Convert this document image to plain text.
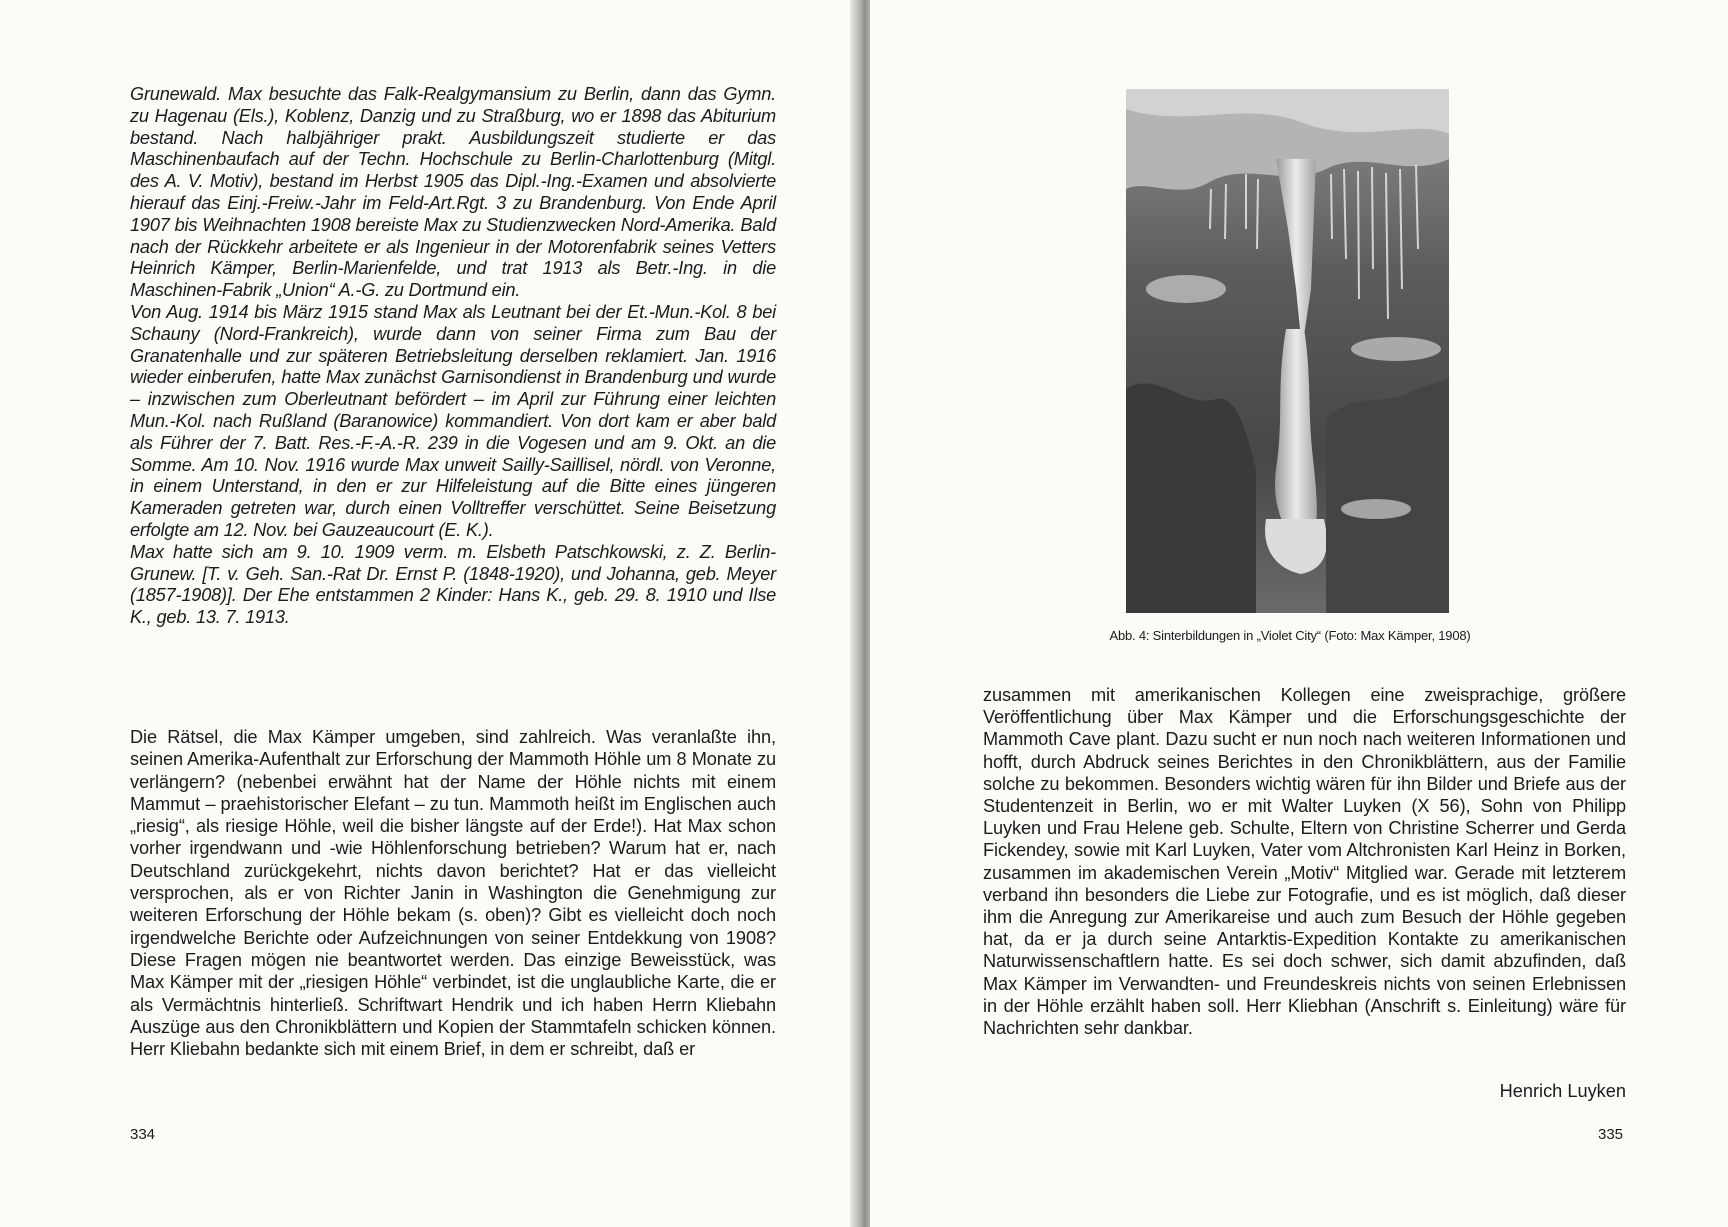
Grunewald. Max besuchte das Falk-Realgymansium zu Berlin, dann das Gymn. zu Hagenau (Els.), Koblenz, Danzig und zu Straßburg, wo er 1898 das Abiturium bestand. Nach halbjähriger prakt. Ausbildungszeit studierte er das Maschinenbaufach auf der Techn. Hochschule zu Berlin-Charlottenburg (Mitgl. des A. V. Motiv), bestand im Herbst 1905 das Dipl.-Ing.-Examen und absolvierte hierauf das Einj.-Freiw.-Jahr im Feld-Art.Rgt. 3 zu Brandenburg. Von Ende April 1907 bis Weihnachten 1908 bereiste Max zu Studienzwecken Nord-Amerika. Bald nach der Rückkehr arbeitete er als Ingenieur in der Motorenfabrik seines Vetters Heinrich Kämper, Berlin-Marienfelde, und trat 1913 als Betr.-Ing. in die Maschinen-Fabrik „Union“ A.-G. zu Dortmund ein.

Von Aug. 1914 bis März 1915 stand Max als Leutnant bei der Et.-Mun.-Kol. 8 bei Schauny (Nord-Frankreich), wurde dann von seiner Firma zum Bau der Granatenhalle und zur späteren Betriebsleitung derselben reklamiert. Jan. 1916 wieder einberufen, hatte Max zunächst Garnisondienst in Brandenburg und wurde – inzwischen zum Oberleutnant befördert – im April zur Führung einer leichten Mun.-Kol. nach Rußland (Baranowice) kommandiert. Von dort kam er aber bald als Führer der 7. Batt. Res.-F.-A.-R. 239 in die Vogesen und am 9. Okt. an die Somme. Am 10. Nov. 1916 wurde Max unweit Sailly-Saillisel, nördl. von Veronne, in einem Unterstand, in den er zur Hilfeleistung auf die Bitte eines jüngeren Kameraden getreten war, durch einen Volltreffer verschüttet. Seine Beisetzung erfolgte am 12. Nov. bei Gauzeaucourt (E. K.).

Max hatte sich am 9. 10. 1909 verm. m. Elsbeth Patschkowski, z. Z. Berlin-Grunew. [T. v. Geh. San.-Rat Dr. Ernst P. (1848-1920), und Johanna, geb. Meyer (1857-1908)]. Der Ehe entstammen 2 Kinder: Hans K., geb. 29. 8. 1910 und Ilse K., geb. 13. 7. 1913.

Die Rätsel, die Max Kämper umgeben, sind zahlreich. Was veranlaßte ihn, seinen Amerika-Aufenthalt zur Erforschung der Mammoth Höhle um 8 Monate zu verlängern? (nebenbei erwähnt hat der Name der Höhle nichts mit einem Mammut – praehistorischer Elefant – zu tun. Mammoth heißt im Englischen auch „riesig“, als riesige Höhle, weil die bisher längste auf der Erde!). Hat Max schon vorher irgendwann und -wie Höhlenforschung betrieben? Warum hat er, nach Deutschland zurückgekehrt, nichts davon berichtet? Hat er das vielleicht versprochen, als er von Richter Janin in Washington die Genehmigung zur weiteren Erforschung der Höhle bekam (s. oben)? Gibt es vielleicht doch noch irgendwelche Berichte oder Aufzeichnungen von seiner Entdekkung von 1908? Diese Fragen mögen nie beantwortet werden. Das einzige Beweisstück, was Max Kämper mit der „riesigen Höhle“ verbindet, ist die unglaubliche Karte, die er als Vermächtnis hinterließ. Schriftwart Hendrik und ich haben Herrn Kliebahn Auszüge aus den Chronikblättern und Kopien der Stammtafeln schicken können. Herr Kliebahn bedankte sich mit einem Brief, in dem er schreibt, daß er

334
Abb. 4: Sinterbildungen in „Violet City“ (Foto: Max Kämper, 1908)

zusammen mit amerikanischen Kollegen eine zweisprachige, größere Veröffentlichung über Max Kämper und die Erforschungsgeschichte der Mammoth Cave plant. Dazu sucht er nun noch nach weiteren Informationen und hofft, durch Abdruck seines Berichtes in den Chronikblättern, aus der Familie solche zu bekommen. Besonders wichtig wären für ihn Bilder und Briefe aus der Studentenzeit in Berlin, wo er mit Walter Luyken (X 56), Sohn von Philipp Luyken und Frau Helene geb. Schulte, Eltern von Christine Scherrer und Gerda Fickendey, sowie mit Karl Luyken, Vater vom Altchronisten Karl Heinz in Borken, zusammen im akademischen Verein „Motiv“ Mitglied war. Gerade mit letzterem verband ihn besonders die Liebe zur Fotografie, und es ist möglich, daß dieser ihm die Anregung zur Amerikareise und auch zum Besuch der Höhle gegeben hat, da er ja durch seine Antarktis-Expedition Kontakte zu amerikanischen Naturwissenschaftlern hatte. Es sei doch schwer, sich damit abzufinden, daß Max Kämper im Verwandten- und Freundeskreis nichts von seinen Erlebnissen in der Höhle erzählt haben soll. Herr Kliebhan (Anschrift s. Einleitung) wäre für Nachrichten sehr dankbar.

Henrich Luyken
335
